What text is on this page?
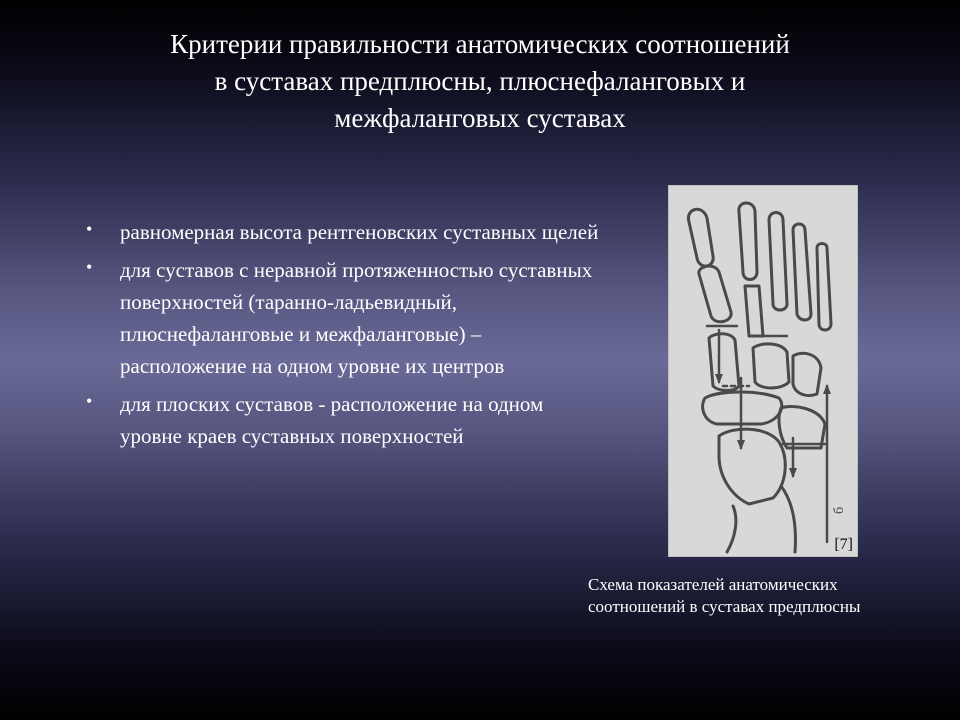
Критерии правильности анатомических соотношений
в суставах предплюсны, плюснефаланговых и
межфаланговых суставах
• равномерная высота рентгеновских суставных щелей
• для суставов с неравной протяженностью суставных поверхностей (таранно-ладьевидный, плюснефаланговые и межфаланговые) – расположение на одном уровне их центров
• для плоских суставов - расположение на одном уровне краев суставных поверхностей
б
[7]
Схема показателей анатомических
соотношений в суставах предплюсны
